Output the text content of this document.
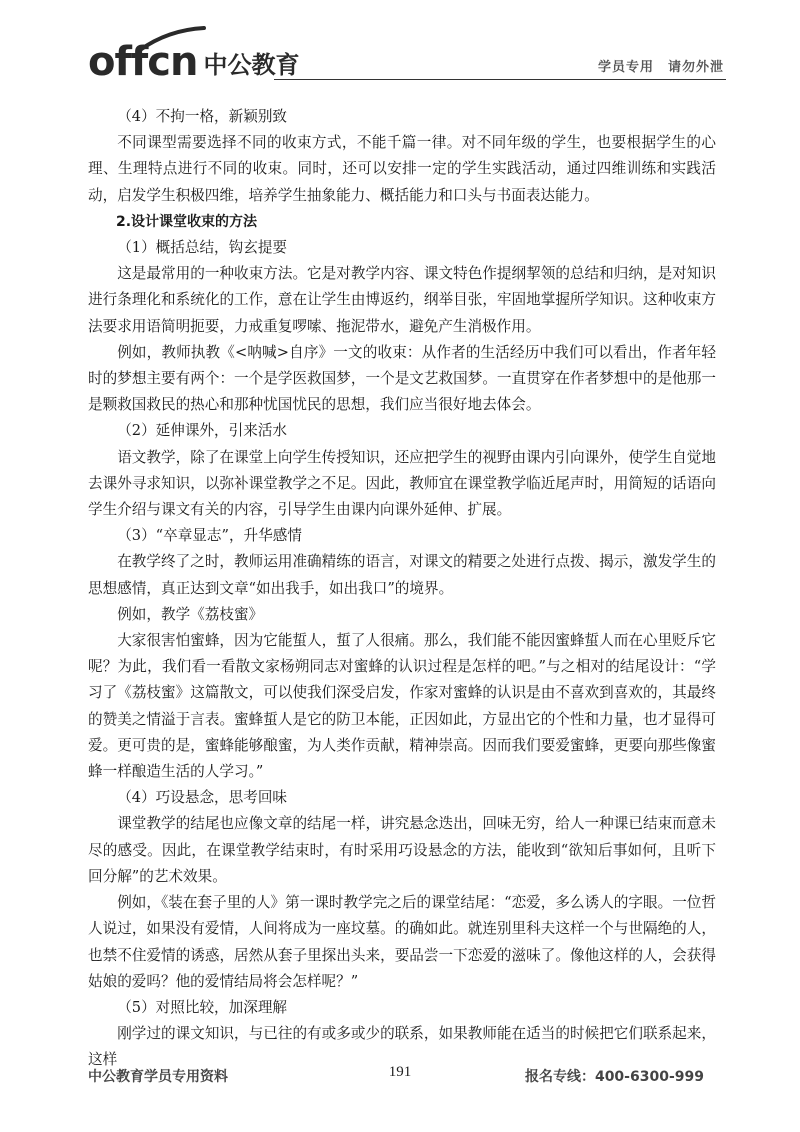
offcn 中公教育	学员专用 请勿外泄

（4）不拘一格，新颖别致

不同课型需要选择不同的收束方式，不能千篇一律。对不同年级的学生，也要根据学生的心理、生理特点进行不同的收束。同时，还可以安排一定的学生实践活动，通过四维训练和实践活动，启发学生积极四维，培养学生抽象能力、概括能力和口头与书面表达能力。

2.设计课堂收束的方法

（1）概括总结，钩玄提要

这是最常用的一种收束方法。它是对教学内容、课文特色作提纲挈领的总结和归纳，是对知识进行条理化和系统化的工作，意在让学生由博返约，纲举目张，牢固地掌握所学知识。这种收束方法要求用语简明扼要，力戒重复啰嗦、拖泥带水，避免产生消极作用。

例如，教师执教《<呐喊>自序》一文的收束：从作者的生活经历中我们可以看出，作者年轻时的梦想主要有两个：一个是学医救国梦，一个是文艺救国梦。一直贯穿在作者梦想中的是他那一是颗救国救民的热心和那种忧国忧民的思想，我们应当很好地去体会。

（2）延伸课外，引来活水

语文教学，除了在课堂上向学生传授知识，还应把学生的视野由课内引向课外，使学生自觉地去课外寻求知识，以弥补课堂教学之不足。因此，教师宜在课堂教学临近尾声时，用简短的话语向学生介绍与课文有关的内容，引导学生由课内向课外延伸、扩展。

（3）“卒章显志”，升华感情

在教学终了之时，教师运用准确精练的语言，对课文的精要之处进行点拨、揭示，激发学生的思想感情，真正达到文章“如出我手，如出我口”的境界。

例如，教学《荔枝蜜》

大家很害怕蜜蜂，因为它能蜇人，蜇了人很痛。那么，我们能不能因蜜蜂蜇人而在心里贬斥它呢？为此，我们看一看散文家杨朔同志对蜜蜂的认识过程是怎样的吧。”与之相对的结尾设计：“学习了《荔枝蜜》这篇散文，可以使我们深受启发，作家对蜜蜂的认识是由不喜欢到喜欢的，其最终的赞美之情溢于言表。蜜蜂蜇人是它的防卫本能，正因如此，方显出它的个性和力量，也才显得可爱。更可贵的是，蜜蜂能够酿蜜，为人类作贡献，精神崇高。因而我们要爱蜜蜂，更要向那些像蜜蜂一样酿造生活的人学习。”

（4）巧设悬念，思考回味

课堂教学的结尾也应像文章的结尾一样，讲究悬念迭出，回味无穷，给人一种课已结束而意未尽的感受。因此，在课堂教学结束时，有时采用巧设悬念的方法，能收到“欲知后事如何，且听下回分解”的艺术效果。

例如，《装在套子里的人》第一课时教学完之后的课堂结尾：“恋爱，多么诱人的字眼。一位哲人说过，如果没有爱情，人间将成为一座坟墓。的确如此。就连别里科夫这样一个与世隔绝的人，也禁不住爱情的诱惑，居然从套子里探出头来，要品尝一下恋爱的滋味了。像他这样的人，会获得姑娘的爱吗？他的爱情结局将会怎样呢？”

（5）对照比较，加深理解

刚学过的课文知识，与已往的有或多或少的联系，如果教师能在适当的时候把它们联系起来，这样

中公教育学员专用资料	191	报名专线：400-6300-999
